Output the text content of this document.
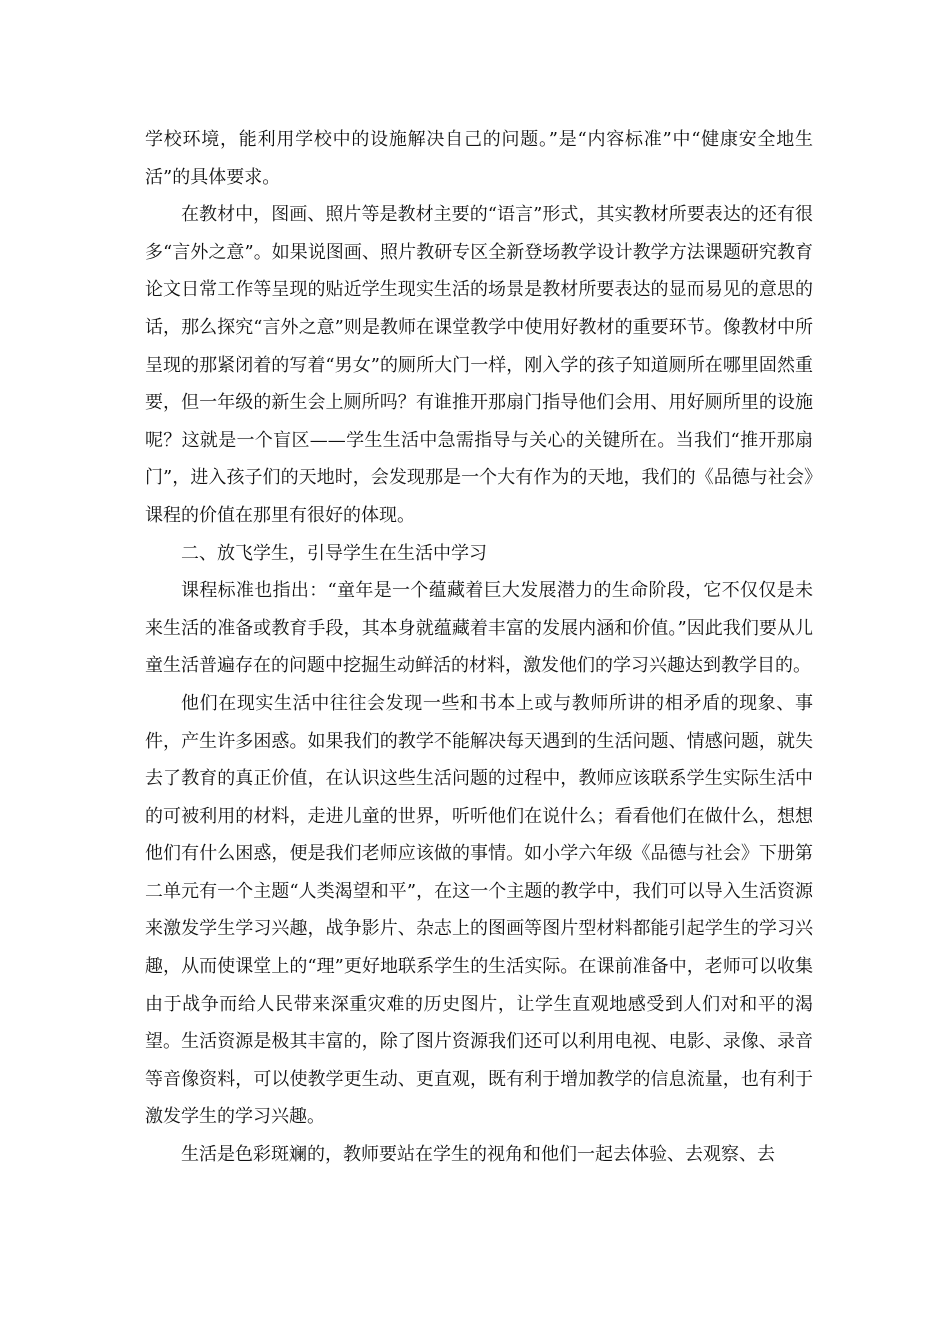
学校环境，能利用学校中的设施解决自己的问题。”是“内容标准”中“健康安全地生活”的具体要求。

在教材中，图画、照片等是教材主要的“语言”形式，其实教材所要表达的还有很多“言外之意”。如果说图画、照片教研专区全新登场教学设计教学方法课题研究教育论文日常工作等呈现的贴近学生现实生活的场景是教材所要表达的显而易见的意思的话，那么探究“言外之意”则是教师在课堂教学中使用好教材的重要环节。像教材中所呈现的那紧闭着的写着“男女”的厕所大门一样，刚入学的孩子知道厕所在哪里固然重要，但一年级的新生会上厕所吗？有谁推开那扇门指导他们会用、用好厕所里的设施呢？这就是一个盲区——学生生活中急需指导与关心的关键所在。当我们“推开那扇门”，进入孩子们的天地时，会发现那是一个大有作为的天地，我们的《品德与社会》课程的价值在那里有很好的体现。

二、放飞学生，引导学生在生活中学习

课程标准也指出：“童年是一个蕴藏着巨大发展潜力的生命阶段，它不仅仅是未来生活的准备或教育手段，其本身就蕴藏着丰富的发展内涵和价值。”因此我们要从儿童生活普遍存在的问题中挖掘生动鲜活的材料，激发他们的学习兴趣达到教学目的。

他们在现实生活中往往会发现一些和书本上或与教师所讲的相矛盾的现象、事件，产生许多困惑。如果我们的教学不能解决每天遇到的生活问题、情感问题，就失去了教育的真正价值，在认识这些生活问题的过程中，教师应该联系学生实际生活中的可被利用的材料，走进儿童的世界，听听他们在说什么；看看他们在做什么，想想他们有什么困惑，便是我们老师应该做的事情。如小学六年级《品德与社会》下册第二单元有一个主题“人类渴望和平”，在这一个主题的教学中，我们可以导入生活资源来激发学生学习兴趣，战争影片、杂志上的图画等图片型材料都能引起学生的学习兴趣，从而使课堂上的“理”更好地联系学生的生活实际。在课前准备中，老师可以收集由于战争而给人民带来深重灾难的历史图片，让学生直观地感受到人们对和平的渴望。生活资源是极其丰富的，除了图片资源我们还可以利用电视、电影、录像、录音等音像资料，可以使教学更生动、更直观，既有利于增加教学的信息流量，也有利于激发学生的学习兴趣。

生活是色彩斑斓的，教师要站在学生的视角和他们一起去体验、去观察、去
